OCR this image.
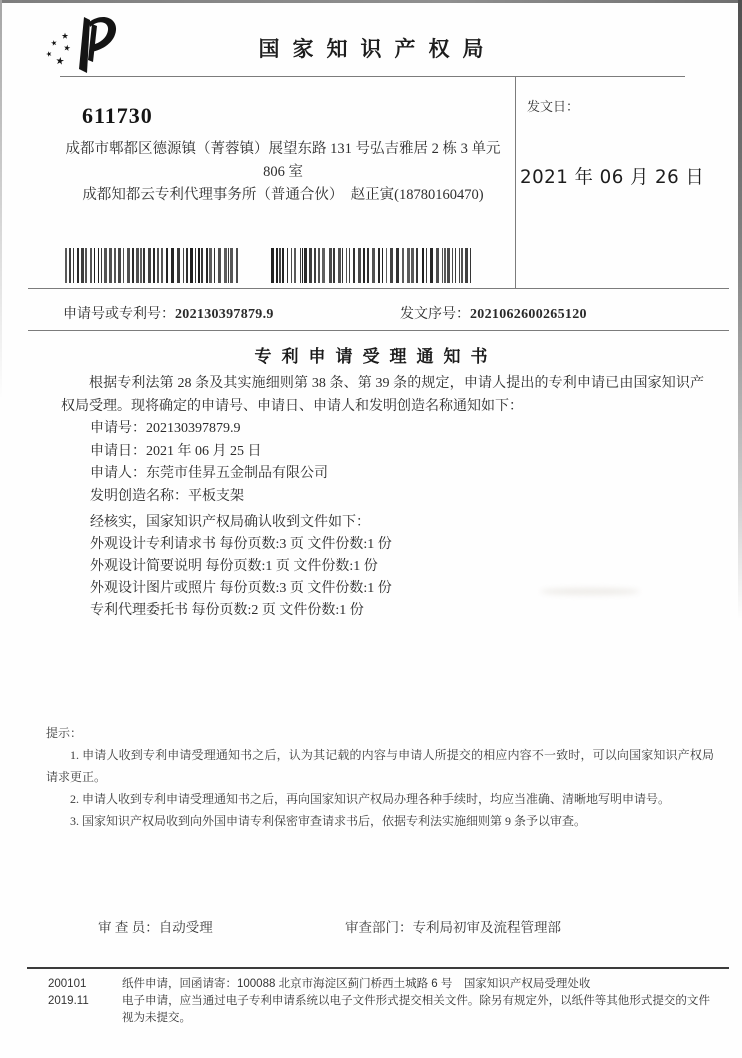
国家知识产权局
发文日：
2021 年 06 月 26 日
611730
成都市郫都区德源镇（菁蓉镇）展望东路 131 号弘吉雅居 2 栋 3 单元
806 室
成都知都云专利代理事务所（普通合伙）　赵正寅(18780160470)
申请号或专利号：202130397879.9	发文序号：2021062600265120
专利申请受理通知书
根据专利法第 28 条及其实施细则第 38 条、第 39 条的规定，申请人提出的专利申请已由国家知识产权局受理。现将确定的申请号、申请日、申请人和发明创造名称通知如下：
申请号：202130397879.9
申请日：2021 年 06 月 25 日
申请人：东莞市佳昇五金制品有限公司
发明创造名称：平板支架
经核实，国家知识产权局确认收到文件如下：
外观设计专利请求书 每份页数:3 页 文件份数:1 份
外观设计简要说明 每份页数:1 页 文件份数:1 份
外观设计图片或照片 每份页数:3 页 文件份数:1 份
专利代理委托书 每份页数:2 页 文件份数:1 份
提示：
1. 申请人收到专利申请受理通知书之后，认为其记载的内容与申请人所提交的相应内容不一致时，可以向国家知识产权局请求更正。
2. 申请人收到专利申请受理通知书之后，再向国家知识产权局办理各种手续时，均应当准确、清晰地写明申请号。
3. 国家知识产权局收到向外国申请专利保密审查请求书后，依据专利法实施细则第 9 条予以审查。
审 查 员：自动受理	审查部门：专利局初审及流程管理部
200101	纸件申请，回函请寄：100088 北京市海淀区蓟门桥西土城路 6 号　国家知识产权局受理处收
2019.11	电子申请，应当通过电子专利申请系统以电子文件形式提交相关文件。除另有规定外，以纸件等其他形式提交的文件视为未提交。
